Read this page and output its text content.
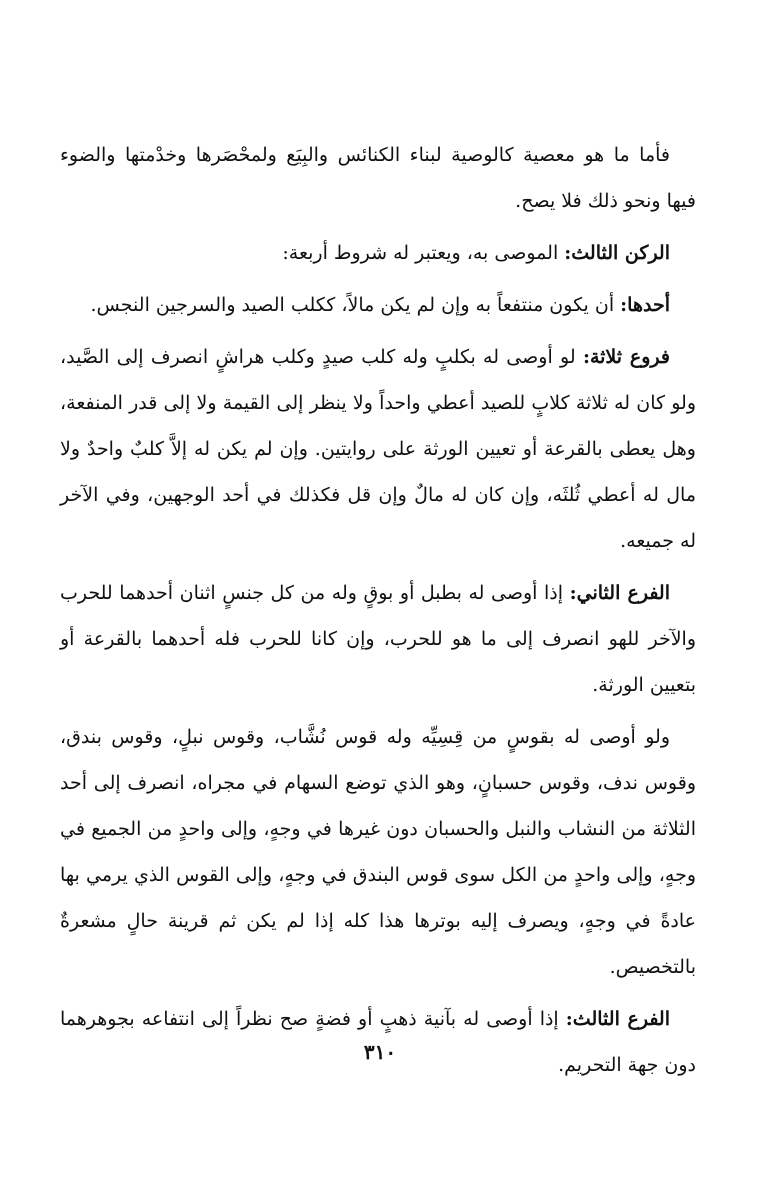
فأما ما هو معصية كالوصية لبناء الكنائس والبِيَع ولمحْصَرها وخدْمتها والضوء فيها ونحو ذلك فلا يصح.

الركن الثالث: الموصى به، ويعتبر له شروط أربعة:

أحدها: أن يكون منتفعاً به وإن لم يكن مالاً، ككلب الصيد والسرجين النجس.

فروع ثلاثة: لو أوصى له بكلبٍ وله كلب صيدٍ وكلب هراشٍ انصرف إلى الصَّيد، ولو كان له ثلاثة كلابٍ للصيد أعطي واحداً ولا ينظر إلى القيمة ولا إلى قدر المنفعة، وهل يعطى بالقرعة أو تعيين الورثة على روايتين. وإن لم يكن له إلاَّ كلبٌ واحدٌ ولا مال له أعطي ثُلثَه، وإن كان له مالٌ وإن قل فكذلك في أحد الوجهين، وفي الآخر له جميعه.

الفرع الثاني: إذا أوصى له بطبل أو بوقٍ وله من كل جنسٍ اثنان أحدهما للحرب والآخر للهو انصرف إلى ما هو للحرب، وإن كانا للحرب فله أحدهما بالقرعة أو بتعيين الورثة.

ولو أوصى له بقوسٍ من قِسِيِّه وله قوس نُشَّاب، وقوس نبلٍ، وقوس بندق، وقوس ندف، وقوس حسبانٍ، وهو الذي توضع السهام في مجراه، انصرف إلى أحد الثلاثة من النشاب والنبل والحسبان دون غيرها في وجهٍ، وإلى واحدٍ من الجميع في وجهٍ، وإلى واحدٍ من الكل سوى قوس البندق في وجهٍ، وإلى القوس الذي يرمي بها عادةً في وجهٍ، ويصرف إليه بوترها هذا كله إذا لم يكن ثم قرينة حالٍ مشعرةٌ بالتخصيص.

الفرع الثالث: إذا أوصى له بآنية ذهبٍ أو فضةٍ صح نظراً إلى انتفاعه بجوهرهما دون جهة التحريم.

٣١٠
